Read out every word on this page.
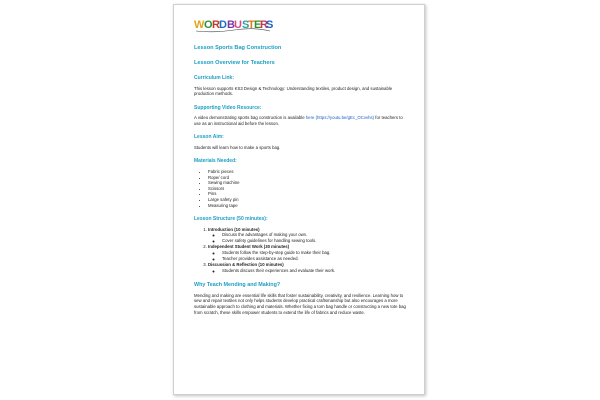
W O R D B U S
T E
R
S
Lesson Sports Bag Construction
Lesson Overview for Teachers
Curriculum Link:

This lesson supports KS3 Design & Technology: Understanding textiles, product design, and sustainable production methods.

Supporting Video Resource:

A video demonstrating sports bag construction is available here (https://youtu.be/gEc_OCvvhs) for teachers to use as an instructional aid before the lesson.

Lesson Aim:

Students will learn how to make a sports bag.

Materials Needed:
• Fabric pieces
• Rope/ cord
• Sewing machine
• Scissors
• Pins
• Large safety pin
• Measuring tape
Lesson Structure (50 minutes):
1. Introduction (10 minutes)
◦ Discuss the advantages of making your own.
◦ Cover safety guidelines for handling sewing tools.
2. Independent Student Work (30 minutes)
◦ Students follow the step-by-step guide to make their bag.
◦ Teacher provides assistance as needed.
3. Discussion & Reflection (10 minutes)
◦ Students discuss their experiences and evaluate their work.
Why Teach Mending and Making?

Mending and making are essential life skills that foster sustainability, creativity, and resilience. Learning how to sew and repair textiles not only helps students develop practical craftsmanship but also encourages a more sustainable approach to clothing and materials. Whether fixing a torn bag handle or constructing a new tote bag from scratch, these skills empower students to extend the life of fabrics and reduce waste.
